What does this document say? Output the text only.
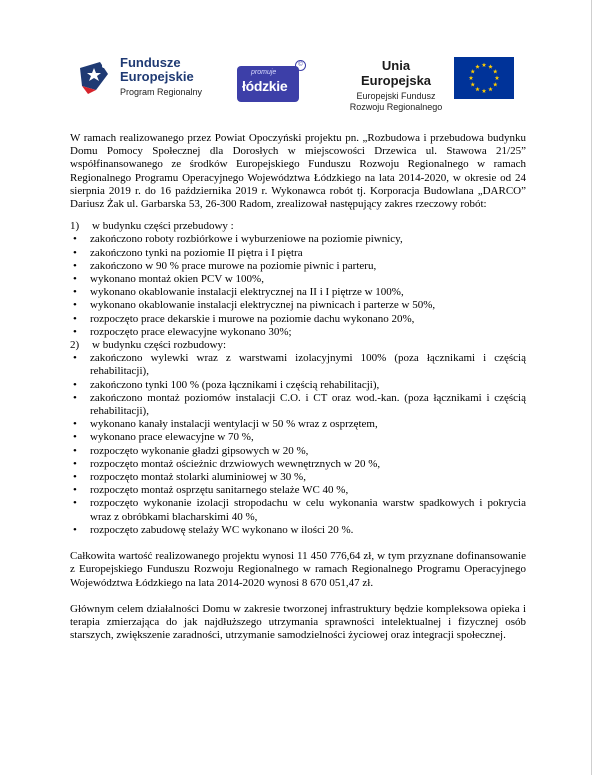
Fundusze
Europejskie
Program Regionalny
promuje
łódzkie
©	Unia Europejska
Europejski Fundusz
Rozwoju Regionalnego

W ramach realizowanego przez Powiat Opoczyński projektu pn. „Rozbudowa i przebudowa budynku Domu Pomocy Społecznej dla Dorosłych w miejscowości Drzewica ul. Stawowa 21/25” współfinansowanego ze środków Europejskiego Funduszu Rozwoju Regionalnego w ramach Regionalnego Programu Operacyjnego Województwa Łódzkiego na lata 2014-2020, w okresie od 24 sierpnia 2019 r. do 16 października 2019 r. Wykonawca robót tj. Korporacja Budowlana „DARCO” Dariusz Żak ul. Garbarska 53, 26-300 Radom, zrealizował następujący zakres rzeczowy robót:

1)	w budynku części przebudowy :
• zakończono roboty rozbiórkowe i wyburzeniowe na poziomie piwnicy,
• zakończono tynki na poziomie II piętra i I piętra
• zakończono w 90 % prace murowe na poziomie piwnic i parteru,
• wykonano montaż okien PCV w 100%,
• wykonano okablowanie instalacji elektrycznej na II i I piętrze w 100%,
• wykonano okablowanie instalacji elektrycznej na piwnicach i parterze w 50%,
• rozpoczęto prace dekarskie i murowe na poziomie dachu wykonano 20%,
• rozpoczęto prace elewacyjne wykonano 30%;
2)	w budynku części rozbudowy:
• zakończono wylewki wraz z warstwami izolacyjnymi 100% (poza łącznikami i częścią rehabilitacji),
• zakończono tynki 100 % (poza łącznikami i częścią rehabilitacji),
• zakończono montaż poziomów instalacji C.O. i CT oraz wod.-kan. (poza łącznikami i częścią rehabilitacji),
• wykonano kanały instalacji wentylacji w 50 % wraz z osprzętem,
• wykonano prace elewacyjne w 70 %,
• rozpoczęto wykonanie gładzi gipsowych w 20 %,
• rozpoczęto montaż ościeżnic drzwiowych wewnętrznych w 20 %,
• rozpoczęto montaż stolarki aluminiowej w 30 %,
• rozpoczęto montaż osprzętu sanitarnego stelaże WC 40 %,
• rozpoczęto wykonanie izolacji stropodachu w celu wykonania warstw spadkowych i pokrycia wraz z obróbkami blacharskimi 40 %,
• rozpoczęto zabudowę stelaży WC wykonano w ilości 20 %.

Całkowita wartość realizowanego projektu wynosi 11 450 776,64 zł, w tym przyznane dofinansowanie z Europejskiego Funduszu Rozwoju Regionalnego w ramach Regionalnego Programu Operacyjnego Województwa Łódzkiego na lata 2014-2020 wynosi 8 670 051,47 zł.

Głównym celem działalności Domu w zakresie tworzonej infrastruktury będzie kompleksowa opieka i terapia zmierzająca do jak najdłuższego utrzymania sprawności intelektualnej i fizycznej osób starszych, zwiększenie zaradności, utrzymanie samodzielności życiowej oraz integracji społecznej.
